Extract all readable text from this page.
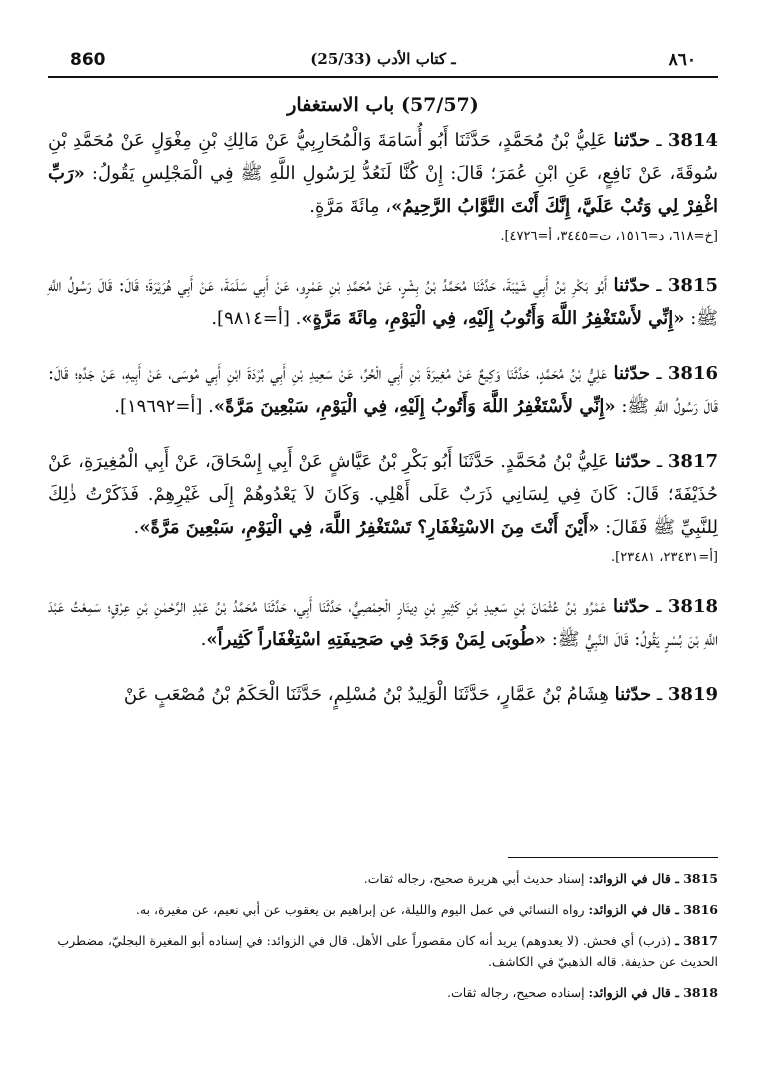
860	(25/33) ـ كتاب الأدب	٨٦٠
(57/57) باب الاستغفار
3814 ـ حدّثنا عَلِيُّ بْنُ مُحَمَّدٍ، حَدَّثَنَا أَبُو أُسَامَةَ وَالْمُحَارِبِيُّ عَنْ مَالِكِ بْنِ مِغْوَلٍ عَنْ مُحَمَّدِ بْنِ سُوقَةَ، عَنْ نَافِعٍ، عَنِ ابْنِ عُمَرَ؛ قَالَ: إِنْ كُنَّا لَنَعُدُّ لِرَسُولِ اللَّهِ ﷺ فِي الْمَجْلِسِ يَقُولُ: «رَبِّ اغْفِرْ لِي وَتُبْ عَلَيَّ، إِنَّكَ أَنْتَ التَّوَّابُ الرَّحِيمُ»، مِائَةَ مَرَّةٍ.
[خ=٦١٨، د=١٥١٦، ت=٣٤٤٥، أ=٤٧٢٦].
3815 ـ حدّثنا أَبُو بَكْرِ بْنُ أَبِي شَيْبَةَ، حَدَّثَنَا مُحَمَّدُ بْنُ بِشْرٍ، عَنْ مُحَمَّدِ بْنِ عَمْرٍو، عَنْ أَبِي سَلَمَةَ، عَنْ أَبِي هُرَيْرَةَ؛ قَالَ: قَالَ رَسُولُ اللَّهِ ﷺ: «إِنِّي لأَسْتَغْفِرُ اللَّهَ وَأَتُوبُ إِلَيْهِ، فِي الْيَوْمِ، مِائَةَ مَرَّةٍ». [أ=٩٨١٤].
3816 ـ حدّثنا عَلِيُّ بْنُ مُحَمَّدٍ، حَدَّثَنَا وَكِيعٌ عَنْ مُغِيرَةَ بْنِ أَبِي الْحُرِّ، عَنْ سَعِيدِ بْنِ أَبِي بُرْدَةَ ابْنِ أَبِي مُوسَى، عَنْ أَبِيهِ، عَنْ جَدِّهِ؛ قَالَ: قَالَ رَسُولُ اللَّهِ ﷺ: «إِنِّي لأَسْتَغْفِرُ اللَّهَ وَأَتُوبُ إِلَيْهِ، فِي الْيَوْمِ، سَبْعِينَ مَرَّةً». [أ=١٩٦٩٢].
3817 ـ حدّثنا عَلِيُّ بْنُ مُحَمَّدٍ. حَدَّثَنَا أَبُو بَكْرِ بْنُ عَيَّاشٍ عَنْ أَبِي إِسْحَاقَ، عَنْ أَبِي الْمُغِيرَةِ، عَنْ حُذَيْفَةَ؛ قَالَ: كَانَ فِي لِسَانِي ذَرَبٌ عَلَى أَهْلِي. وَكَانَ لاَ يَعْدُوهُمْ إِلَى غَيْرِهِمْ. فَذَكَرْتُ ذٰلِكَ لِلنَّبِيِّ ﷺ فَقَالَ: «أَيْنَ أَنْتَ مِنَ الاسْتِغْفَارِ؟ تَسْتَغْفِرُ اللَّهَ، فِي الْيَوْمِ، سَبْعِينَ مَرَّةً».
[أ=٢٣٤٣١، ٢٣٤٨١].
3818 ـ حدّثنا عَمْرُو بْنُ عُثْمَانَ بْنِ سَعِيدِ بْنِ كَثِيرِ بْنِ دِينَارٍ الْحِمْصِيُّ، حَدَّثَنَا أَبِي، حَدَّثَنَا مُحَمَّدُ بْنُ عَبْدِ الرَّحْمٰنِ بْنِ عِرْقٍ؛ سَمِعْتُ عَبْدَ اللَّهِ بْنَ بُسْرٍ يَقُولُ: قَالَ النَّبِيُّ ﷺ: «طُوبَى لِمَنْ وَجَدَ فِي صَحِيفَتِهِ اسْتِغْفَاراً كَثِيراً».
3819 ـ حدّثنا هِشَامُ بْنُ عَمَّارٍ، حَدَّثَنَا الْوَلِيدُ بْنُ مُسْلِمٍ، حَدَّثَنَا الْحَكَمُ بْنُ مُصْعَبٍ عَنْ
3815 ـ قال في الزوائد: إسناد حديث أبي هريرة صحيح، رجاله ثقات.
3816 ـ قال في الزوائد: رواه النسائي في عمل اليوم والليلة، عن إبراهيم بن يعقوب عن أبي نعيم، عن مغيرة، به.
3817 ـ (ذرب) أي فحش. (لا يعدوهم) يريد أنه كان مقصوراً على الأهل. قال في الزوائد: في إسناده أبو المغيرة البجليّ، مضطرب الحديث عن حذيفة. قاله الذهبيّ في الكاشف.
3818 ـ قال في الزوائد: إسناده صحيح، رجاله ثقات.
